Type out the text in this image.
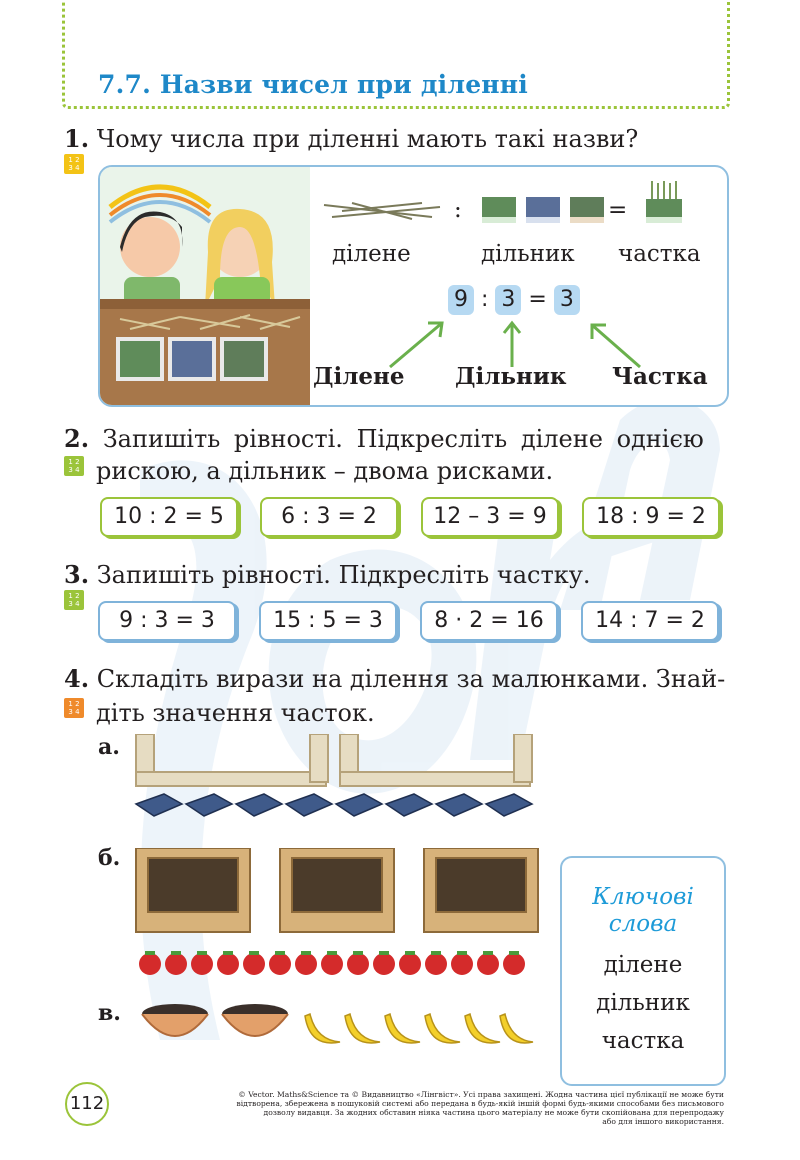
7.7. Назви чисел при діленні
1. Чому числа при діленні мають такі назви?
1 2
3 4
:	=
ділене	дільник частка
9 : 3 = 3
Ділене Дільник Частка
2. Запишіть рівності. Підкресліть ділене однією
рискою, а дільник – двома рисками.
1 2
3 4
10 : 2 = 5	6 : 3 = 2	12 – 3 = 9	18 : 9 = 2
3. Запишіть рівності. Підкресліть частку.
1 2
3 4
9 : 3 = 3	15 : 5 = 3	8 · 2 = 16	14 : 7 = 2
4. Складіть вирази на ділення за малюнками. Знай-
діть значення часток.
1 2
3 4
а.
б.
в.
Ключові
слова
ділене
дільник
частка
112	© Vector. Maths&Science та © Видавництво «Лінгвіст». Усі права захищені. Жодна частина цієї публікації не може бути
відтворена, збережена в пошуковій системі або передана в будь-якій іншій формі будь-якими способами без письмового
дозволу видавця. За жодних обставин ніяка частина цього матеріалу не може бути скопійована для перепродажу
або для іншого використання.
